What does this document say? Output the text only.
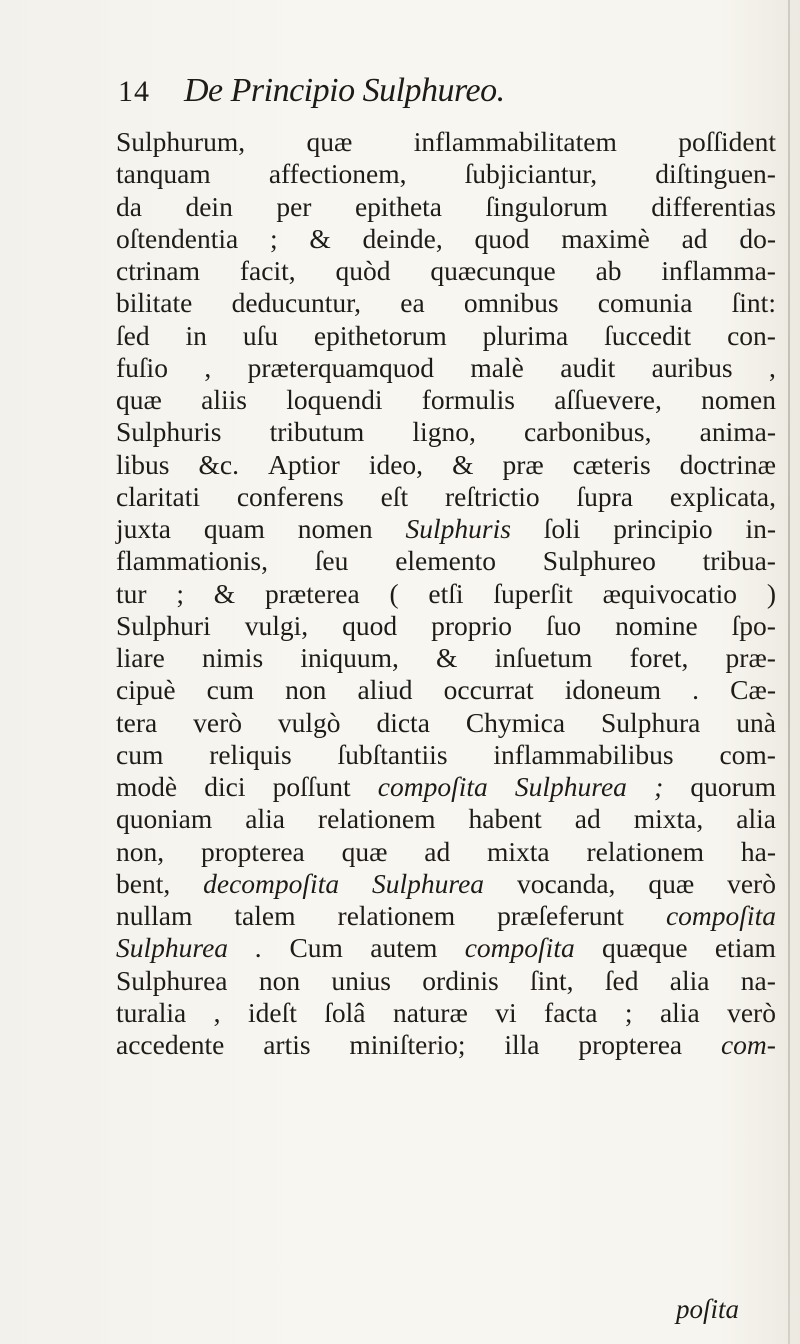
14	De Principio Sulphureo.
Sulphurum, quæ inflammabilitatem poſſident
tanquam affectionem, ſubjiciantur, diſtinguen-
da dein per epitheta ſingulorum differentias
oſtendentia ; & deinde, quod maximè ad do-
ctrinam facit, quòd quæcunque ab inflamma-
bilitate deducuntur, ea omnibus comunia ſint:
ſed in uſu epithetorum plurima ſuccedit con-
fuſio , præterquamquod malè audit auribus ,
quæ aliis loquendi formulis aſſuevere, nomen
Sulphuris tributum ligno, carbonibus, anima-
libus &c. Aptior ideo, & præ cæteris doctrinæ
claritati conferens eſt reſtrictio ſupra explicata,
juxta quam nomen Sulphuris ſoli principio in-
flammationis, ſeu elemento Sulphureo tribua-
tur ; & præterea ( etſi ſuperſit æquivocatio )
Sulphuri vulgi, quod proprio ſuo nomine ſpo-
liare nimis iniquum, & inſuetum foret, præ-
cipuè cum non aliud occurrat idoneum . Cæ-
tera verò vulgò dicta Chymica Sulphura unà
cum reliquis ſubſtantiis inflammabilibus com-
modè dici poſſunt compoſita Sulphurea ; quorum
quoniam alia relationem habent ad mixta, alia
non, propterea quæ ad mixta relationem ha-
bent, decompoſita Sulphurea vocanda, quæ verò
nullam talem relationem præſeferunt compoſita
Sulphurea . Cum autem compoſita quæque etiam
Sulphurea non unius ordinis ſint, ſed alia na-
turalia , ideſt ſolâ naturæ vi facta ; alia verò
accedente artis miniſterio; illa propterea com-
poſita
